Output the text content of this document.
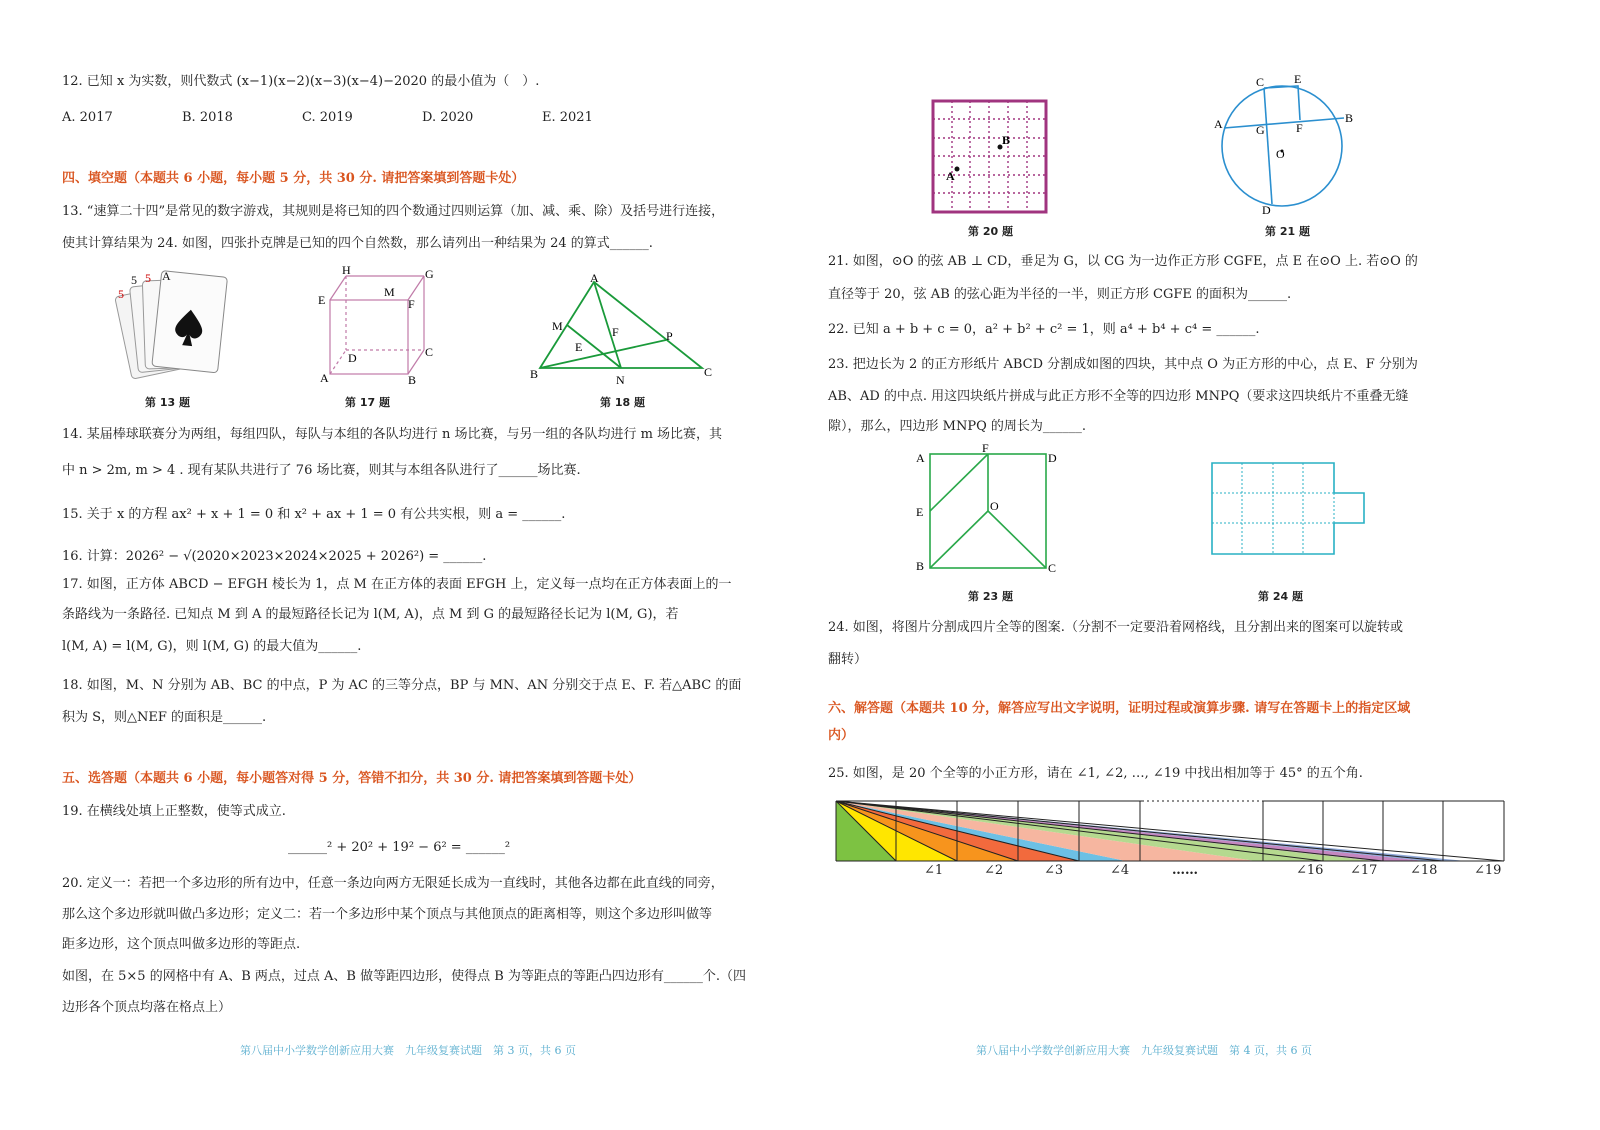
12. 已知 x 为实数，则代数式 (x−1)(x−2)(x−3)(x−4)−2020 的最小值为（　）.
A. 2017	B. 2018	C. 2019	D. 2020	E. 2021
四、填空题（本题共 6 小题，每小题 5 分，共 30 分. 请把答案填到答题卡处）
13. “速算二十四”是常见的数字游戏，其规则是将已知的四个数通过四则运算（加、减、乘、除）及括号进行连接，
使其计算结果为 24. 如图，四张扑克牌是已知的四个自然数，那么请列出一种结果为 24 的算式______.
5
5 5 A
第 13 题
H	G
E	F
M
D	C
A	B
第 17 题
A
B	C
M
N
P
E
F
第 18 题
14. 某届棒球联赛分为两组，每组四队，每队与本组的各队均进行 n 场比赛，与另一组的各队均进行 m 场比赛，其
中 n > 2m, m > 4 . 现有某队共进行了 76 场比赛，则其与本组各队进行了______场比赛.
15. 关于 x 的方程 ax² + x + 1 = 0 和 x² + ax + 1 = 0 有公共实根，则 a = ______.
16. 计算：2026² − √(2020×2023×2024×2025 + 2026²) = ______.
17. 如图，正方体 ABCD − EFGH 棱长为 1，点 M 在正方体的表面 EFGH 上，定义每一点均在正方体表面上的一
条路线为一条路径. 已知点 M 到 A 的最短路径长记为 l(M, A)，点 M 到 G 的最短路径长记为 l(M, G)，若
l(M, A) = l(M, G)，则 l(M, G) 的最大值为______.
18. 如图，M、N 分别为 AB、BC 的中点，P 为 AC 的三等分点，BP 与 MN、AN 分别交于点 E、F. 若△ABC 的面
积为 S，则△NEF 的面积是______.
五、选答题（本题共 6 小题，每小题答对得 5 分，答错不扣分，共 30 分. 请把答案填到答题卡处）
19. 在横线处填上正整数，使等式成立.
______² + 20² + 19² − 6² = ______²
20. 定义一：若把一个多边形的所有边中，任意一条边向两方无限延长成为一直线时，其他各边都在此直线的同旁，
那么这个多边形就叫做凸多边形；定义二：若一个多边形中某个顶点与其他顶点的距离相等，则这个多边形叫做等
距多边形，这个顶点叫做多边形的等距点.
如图，在 5×5 的网格中有 A、B 两点，过点 A、B 做等距四边形，使得点 B 为等距点的等距凸四边形有______个.（四
边形各个顶点均落在格点上）
第八届中小学数学创新应用大赛　九年级复赛试题　第 3 页，共 6 页
B
A
第 20 题
C E
A	B
G	F
O
D
第 21 题
21. 如图，⊙O 的弦 AB ⊥ CD，垂足为 G，以 CG 为一边作正方形 CGFE，点 E 在⊙O 上. 若⊙O 的
直径等于 20，弦 AB 的弦心距为半径的一半，则正方形 CGFE 的面积为______.
22. 已知 a + b + c = 0，a² + b² + c² = 1，则 a⁴ + b⁴ + c⁴ = ______.
23. 把边长为 2 的正方形纸片 ABCD 分割成如图的四块，其中点 O 为正方形的中心，点 E、F 分别为
AB、AD 的中点. 用这四块纸片拼成与此正方形不全等的四边形 MNPQ（要求这四块纸片不重叠无缝
隙），那么，四边形 MNPQ 的周长为______.
A
F
D
E	O
B	C
第 23 题	第 24 题
24. 如图，将图片分割成四片全等的图案.（分割不一定要沿着网格线，且分割出来的图案可以旋转或
翻转）
六、解答题（本题共 10 分，解答应写出文字说明，证明过程或演算步骤. 请写在答题卡上的指定区域
内）
25. 如图，是 20 个全等的小正方形，请在 ∠1, ∠2, …, ∠19 中找出相加等于 45° 的五个角.
∠1	∠2	∠3	∠4	……	∠16 ∠17	∠18	∠19
第八届中小学数学创新应用大赛　九年级复赛试题　第 4 页，共 6 页
